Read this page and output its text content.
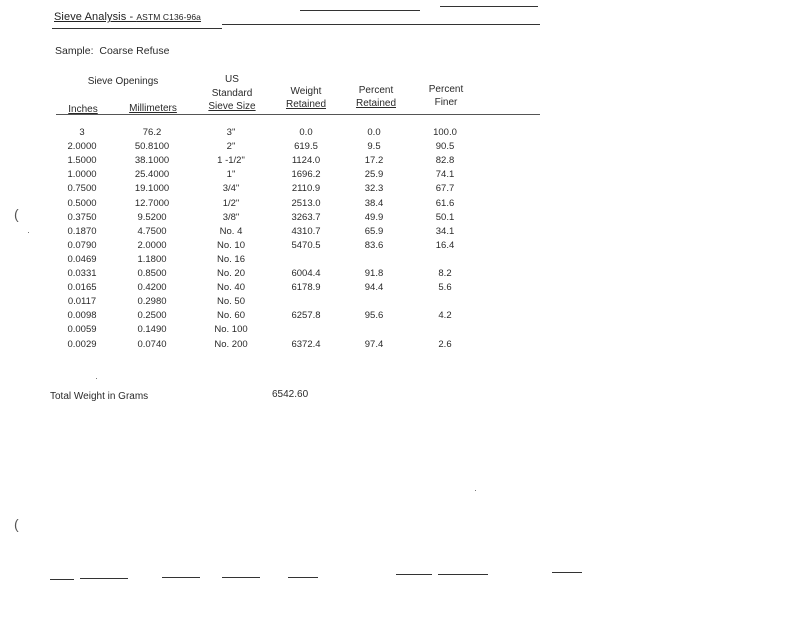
Sieve Analysis - ASTM C136-96a
Sample: Coarse Refuse
Sieve Openings
Inches	Millimeters
US
Standard
Sieve Size
Weight
Retained
Percent
Retained
Percent
Finer
3	76.2	3"	0.0	0.0	100.0
2.0000	50.8100	2"	619.5	9.5	90.5
1.5000	38.1000	1 -1/2"	1124.0	17.2	82.8
1.0000	25.4000	1"	1696.2	25.9	74.1
0.7500	19.1000	3/4"	2110.9	32.3	67.7
0.5000	12.7000	1/2"	2513.0	38.4	61.6
0.3750	9.5200	3/8"	3263.7	49.9	50.1
0.1870	4.7500	No. 4	4310.7	65.9	34.1
0.0790	2.0000	No. 10	5470.5	83.6	16.4
0.0469	1.1800	No. 16
0.0331	0.8500	No. 20	6004.4	91.8	8.2
0.0165	0.4200	No. 40	6178.9	94.4	5.6
0.0117	0.2980	No. 50
0.0098	0.2500	No. 60	6257.8	95.6	4.2
0.0059	0.1490	No. 100
0.0029	0.0740	No. 200	6372.4	97.4	2.6
Total Weight in Grams	6542.60
(
(
